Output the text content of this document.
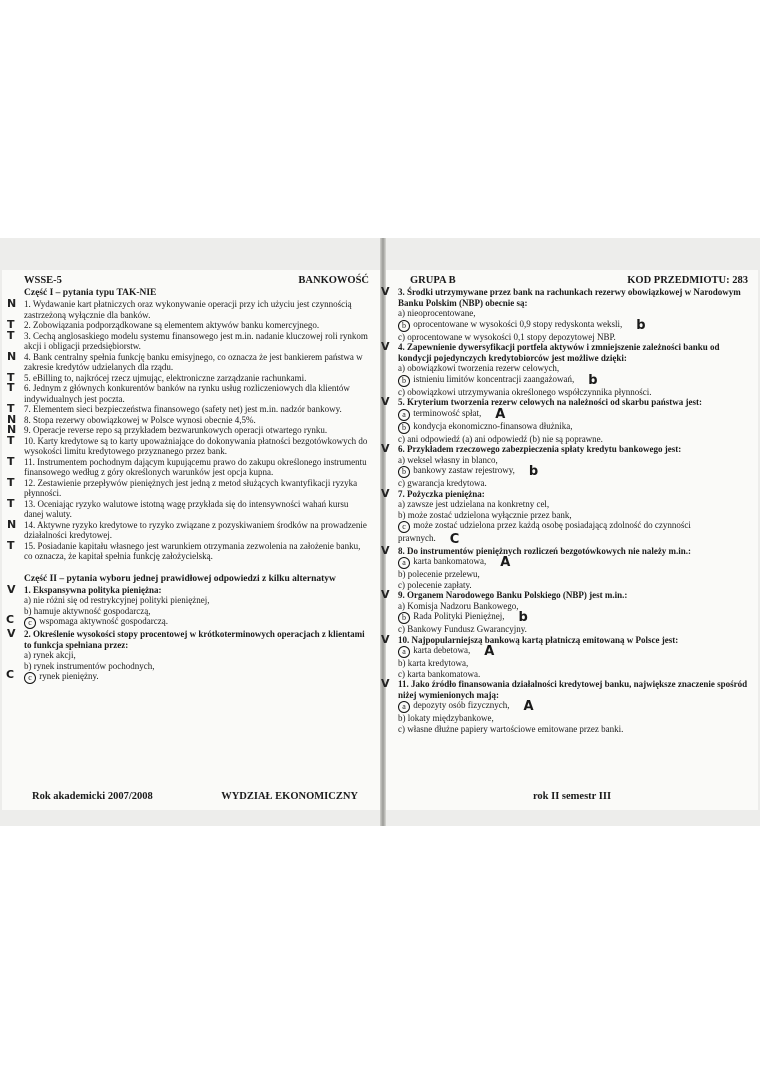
WSSE-5	BANKOWOŚĆ
Część I – pytania typu TAK-NIE
N 1. Wydawanie kart płatniczych oraz wykonywanie operacji przy ich użyciu jest czynnością zastrzeżoną wyłącznie dla banków.
T 2. Zobowiązania podporządkowane są elementem aktywów banku komercyjnego.
T 3. Cechą anglosaskiego modelu systemu finansowego jest m.in. nadanie kluczowej roli rynkom akcji i obligacji przedsiębiorstw.
N 4. Bank centralny spełnia funkcję banku emisyjnego, co oznacza że jest bankierem państwa w zakresie kredytów udzielanych dla rządu.
T 5. eBilling to, najkrócej rzecz ujmując, elektroniczne zarządzanie rachunkami.
T 6. Jednym z głównych konkurentów banków na rynku usług rozliczeniowych dla klientów indywidualnych jest poczta.
T 7. Elementem sieci bezpieczeństwa finansowego (safety net) jest m.in. nadzór bankowy.
N 8. Stopa rezerwy obowiązkowej w Polsce wynosi obecnie 4,5%.
N 9. Operacje reverse repo są przykładem bezwarunkowych operacji otwartego rynku.
T 10. Karty kredytowe są to karty upoważniające do dokonywania płatności bezgotówkowych do wysokości limitu kredytowego przyznanego przez bank.
T 11. Instrumentem pochodnym dającym kupującemu prawo do zakupu określonego instrumentu finansowego według z góry określonych warunków jest opcja kupna.
T 12. Zestawienie przepływów pieniężnych jest jedną z metod służących kwantyfikacji ryzyka płynności.
T 13. Oceniając ryzyko walutowe istotną wagę przykłada się do intensywności wahań kursu danej waluty.
N 14. Aktywne ryzyko kredytowe to ryzyko związane z pozyskiwaniem środków na prowadzenie działalności kredytowej.
T 15. Posiadanie kapitału własnego jest warunkiem otrzymania zezwolenia na założenie banku, co oznacza, że kapitał spełnia funkcję założycielską.
Część II – pytania wyboru jednej prawidłowej odpowiedzi z kilku alternatyw
V 1. Ekspansywna polityka pieniężna:
a) nie różni się od restrykcyjnej polityki pieniężnej,
b) hamuje aktywność gospodarczą,
C c wspomaga aktywność gospodarczą.
V 2. Określenie wysokości stopy procentowej w krótkoterminowych operacjach z klientami to funkcja spełniana przez:
a) rynek akcji,
b) rynek instrumentów pochodnych,
C c rynek pieniężny.
Rok akademicki 2007/2008	WYDZIAŁ EKONOMICZNY
GRUPA B	KOD PRZEDMIOTU: 283
V 3. Środki utrzymywane przez bank na rachunkach rezerwy obowiązkowej w Narodowym Banku Polskim (NBP) obecnie są:
a) nieoprocentowane,
b oprocentowane w wysokości 0,9 stopy redyskonta weksli, b
c) oprocentowane w wysokości 0,1 stopy depozytowej NBP.
V 4. Zapewnienie dywersyfikacji portfela aktywów i zmniejszenie zależności banku od kondycji pojedynczych kredytobiorców jest możliwe dzięki:
a) obowiązkowi tworzenia rezerw celowych,
b istnieniu limitów koncentracji zaangażowań, b
c) obowiązkowi utrzymywania określonego współczynnika płynności.
V 5. Kryterium tworzenia rezerw celowych na należności od skarbu państwa jest:
a terminowość spłat, A
b kondycja ekonomiczno-finansowa dłużnika,
c) ani odpowiedź (a) ani odpowiedź (b) nie są poprawne.
V 6. Przykładem rzeczowego zabezpieczenia spłaty kredytu bankowego jest:
a) weksel własny in blanco,
b bankowy zastaw rejestrowy, b
c) gwarancja kredytowa.
V 7. Pożyczka pieniężna:
a) zawsze jest udzielana na konkretny cel,
b) może zostać udzielona wyłącznie przez bank,
c może zostać udzielona przez każdą osobę posiadającą zdolność do czynności prawnych. C
V 8. Do instrumentów pieniężnych rozliczeń bezgotówkowych nie należy m.in.:
a karta bankomatowa, A
b) polecenie przelewu,
c) polecenie zapłaty.
V 9. Organem Narodowego Banku Polskiego (NBP) jest m.in.:
a) Komisja Nadzoru Bankowego,
b Rada Polityki Pieniężnej, b
c) Bankowy Fundusz Gwarancyjny.
V 10. Najpopularniejszą bankową kartą płatniczą emitowaną w Polsce jest:
a karta debetowa, A
b) karta kredytowa,
c) karta bankomatowa.
V 11. Jako źródło finansowania działalności kredytowej banku, największe znaczenie spośród niżej wymienionych mają:
a depozyty osób fizycznych, A
b) lokaty międzybankowe,
c) własne dłużne papiery wartościowe emitowane przez banki.
rok II semestr III
